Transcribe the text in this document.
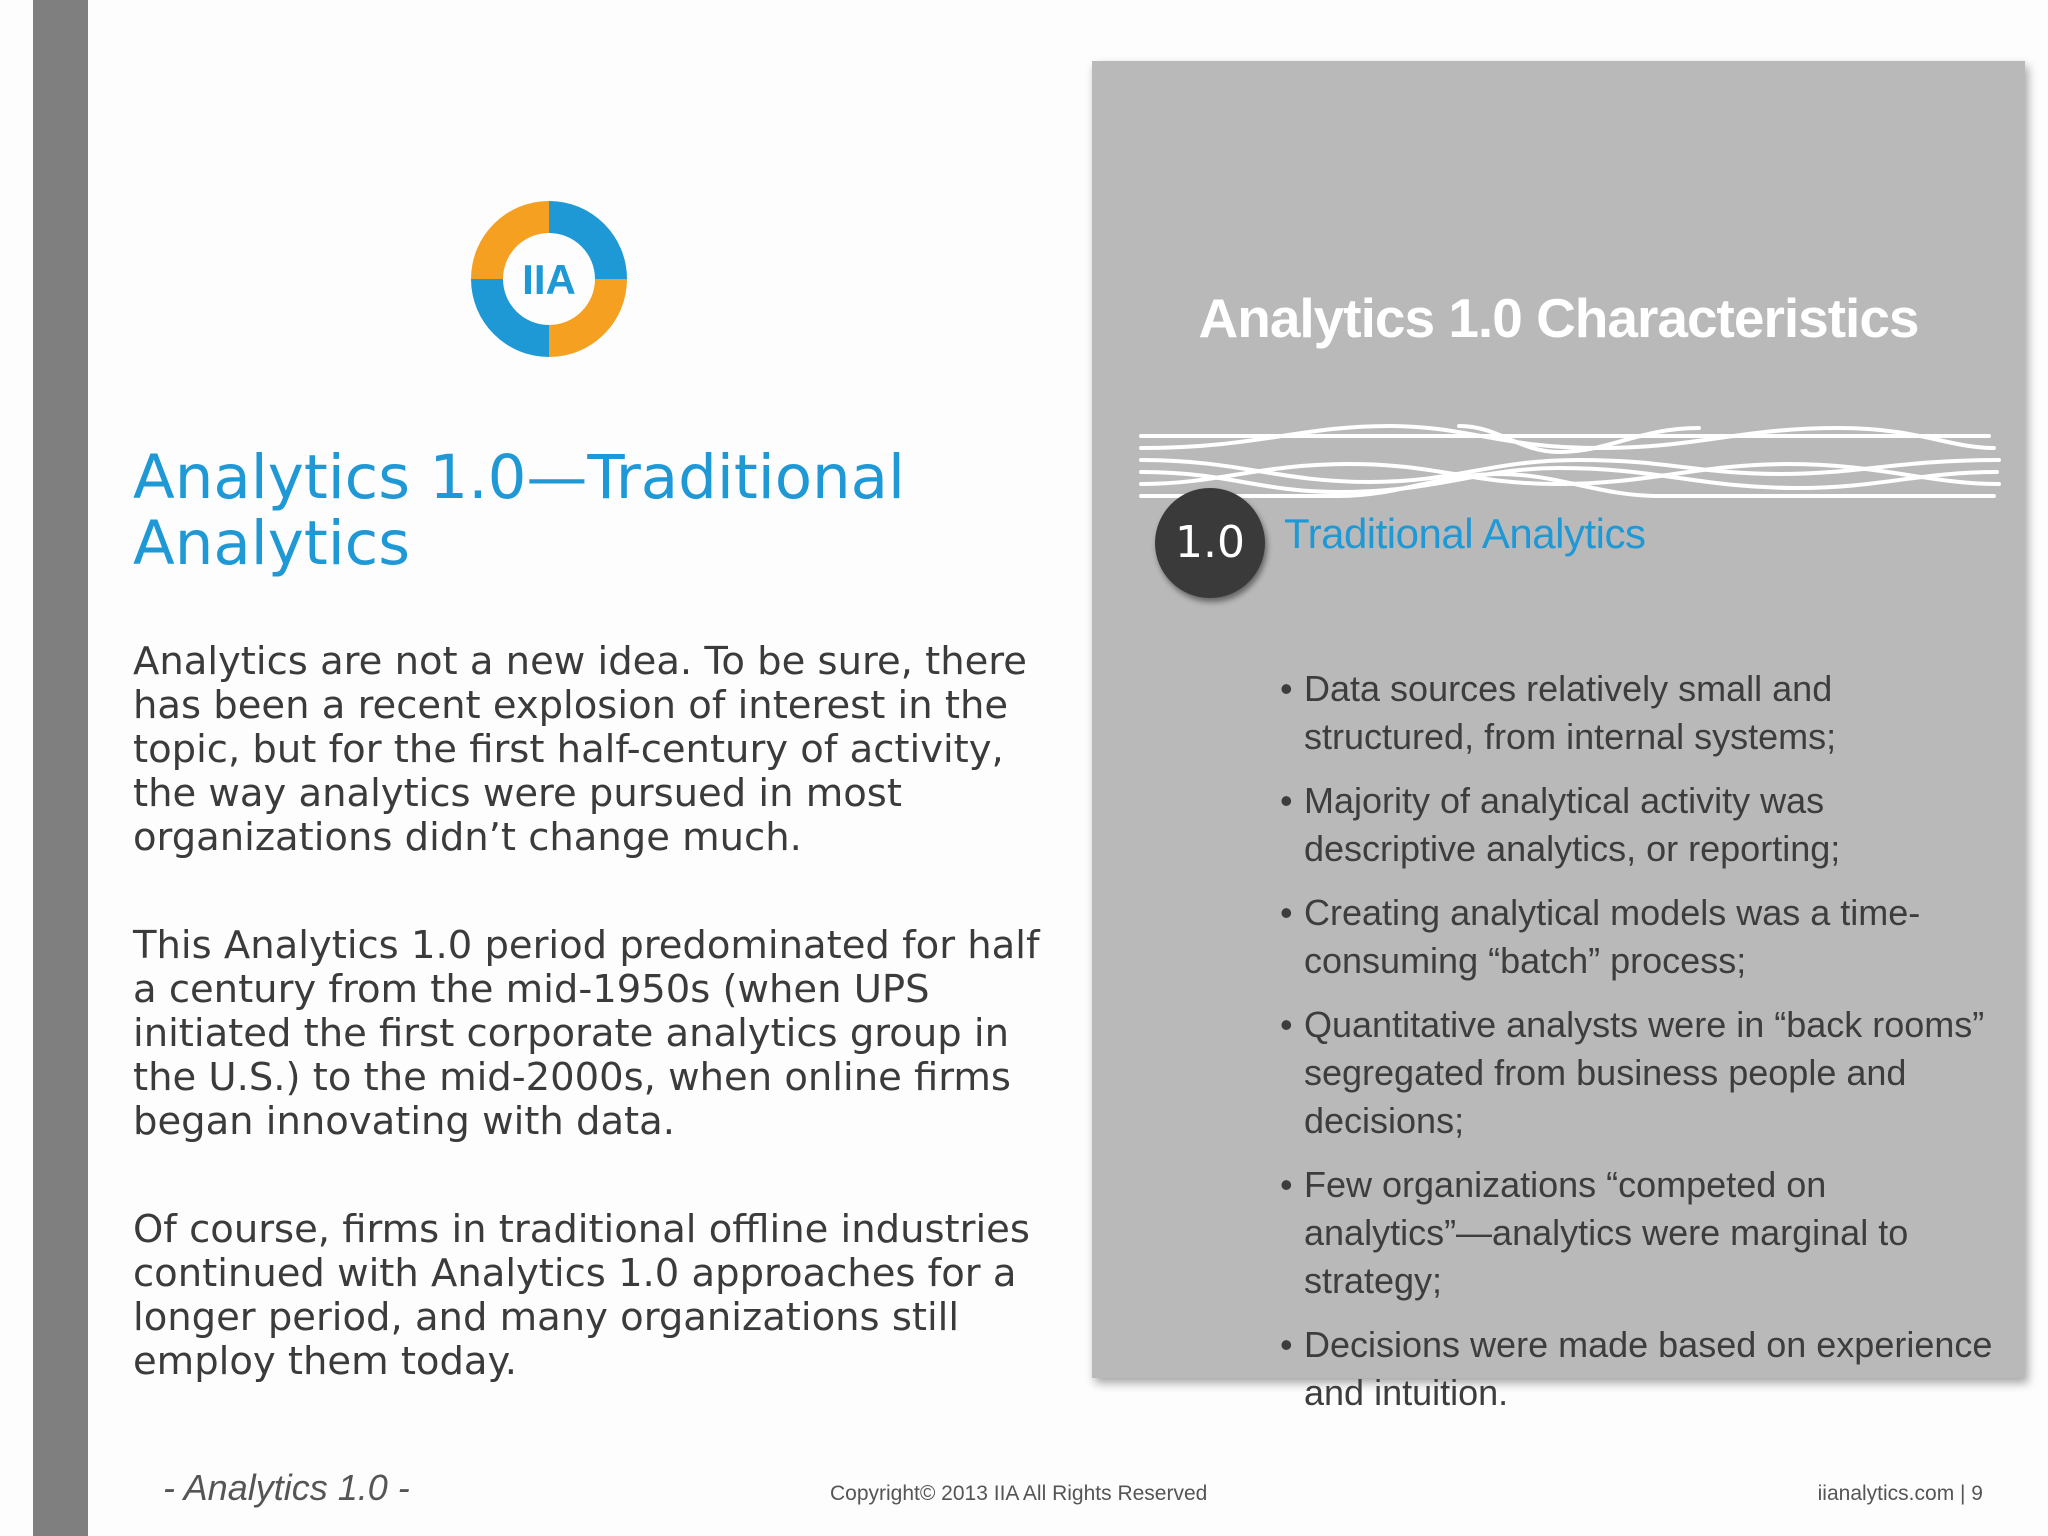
IIA
Analytics 1.0—Traditional Analytics

Analytics are not a new idea. To be sure, there has been a recent explosion of interest in the topic, but for the first half-century of activity, the way analytics were pursued in most organizations didn’t change much.

This Analytics 1.0 period predominated for half a century from the mid-1950s (when UPS initiated the first corporate analytics group in the U.S.) to the mid-2000s, when online firms began innovating with data.

Of course, firms in traditional offline industries continued with Analytics 1.0 approaches for a longer period, and many organizations still employ them today.

Analytics 1.0 Characteristics
1.0 Traditional Analytics
• Data sources relatively small and structured, from internal systems;
• Majority of analytical activity was descriptive analytics, or reporting;
• Creating analytical models was a time-consuming “batch” process;
• Quantitative analysts were in “back rooms” segregated from business people and decisions;
• Few organizations “competed on analytics”—analytics were marginal to strategy;
• Decisions were made based on experience and intuition.
- Analytics 1.0 -	Copyright© 2013 IIA All Rights Reserved	iianalytics.com | 9
